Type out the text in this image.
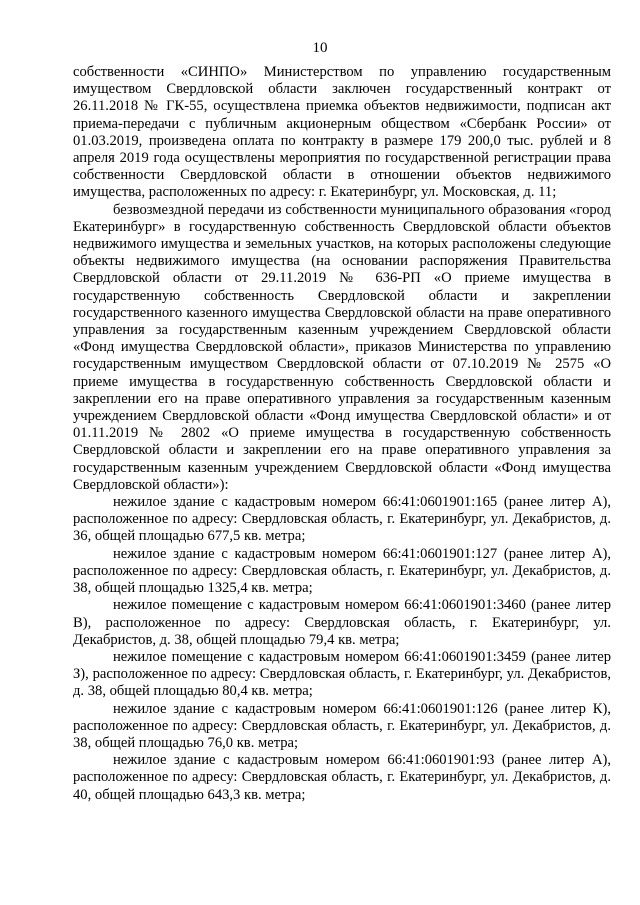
10

собственности «СИНПО» Министерством по управлению государственным имуществом Свердловской области заключен государственный контракт от 26.11.2018 № ГК-55, осуществлена приемка объектов недвижимости, подписан акт приема-передачи с публичным акционерным обществом «Сбербанк России» от 01.03.2019, произведена оплата по контракту в размере 179 200,0 тыс. рублей и 8 апреля 2019 года осуществлены мероприятия по государственной регистрации права собственности Свердловской области в отношении объектов недвижимого имущества, расположенных по адресу: г. Екатеринбург, ул. Московская, д. 11;

безвозмездной передачи из собственности муниципального образования «город Екатеринбург» в государственную собственность Свердловской области объектов недвижимого имущества и земельных участков, на которых расположены следующие объекты недвижимого имущества (на основании распоряжения Правительства Свердловской области от 29.11.2019 № 636-РП «О приеме имущества в государственную собственность Свердловской области и закреплении государственного казенного имущества Свердловской области на праве оперативного управления за государственным казенным учреждением Свердловской области «Фонд имущества Свердловской области», приказов Министерства по управлению государственным имуществом Свердловской области от 07.10.2019 № 2575 «О приеме имущества в государственную собственность Свердловской области и закреплении его на праве оперативного управления за государственным казенным учреждением Свердловской области «Фонд имущества Свердловской области» и от 01.11.2019 № 2802 «О приеме имущества в государственную собственность Свердловской области и закреплении его на праве оперативного управления за государственным казенным учреждением Свердловской области «Фонд имущества Свердловской области»):

нежилое здание с кадастровым номером 66:41:0601901:165 (ранее литер А), расположенное по адресу: Свердловская область, г. Екатеринбург, ул. Декабристов, д. 36, общей площадью 677,5 кв. метра;

нежилое здание с кадастровым номером 66:41:0601901:127 (ранее литер А), расположенное по адресу: Свердловская область, г. Екатеринбург, ул. Декабристов, д. 38, общей площадью 1325,4 кв. метра;

нежилое помещение с кадастровым номером 66:41:0601901:3460 (ранее литер В), расположенное по адресу: Свердловская область, г. Екатеринбург, ул. Декабристов, д. 38, общей площадью 79,4 кв. метра;

нежилое помещение с кадастровым номером 66:41:0601901:3459 (ранее литер З), расположенное по адресу: Свердловская область, г. Екатеринбург, ул. Декабристов, д. 38, общей площадью 80,4 кв. метра;

нежилое здание с кадастровым номером 66:41:0601901:126 (ранее литер К), расположенное по адресу: Свердловская область, г. Екатеринбург, ул. Декабристов, д. 38, общей площадью 76,0 кв. метра;

нежилое здание с кадастровым номером 66:41:0601901:93 (ранее литер А), расположенное по адресу: Свердловская область, г. Екатеринбург, ул. Декабристов, д. 40, общей площадью 643,3 кв. метра;
